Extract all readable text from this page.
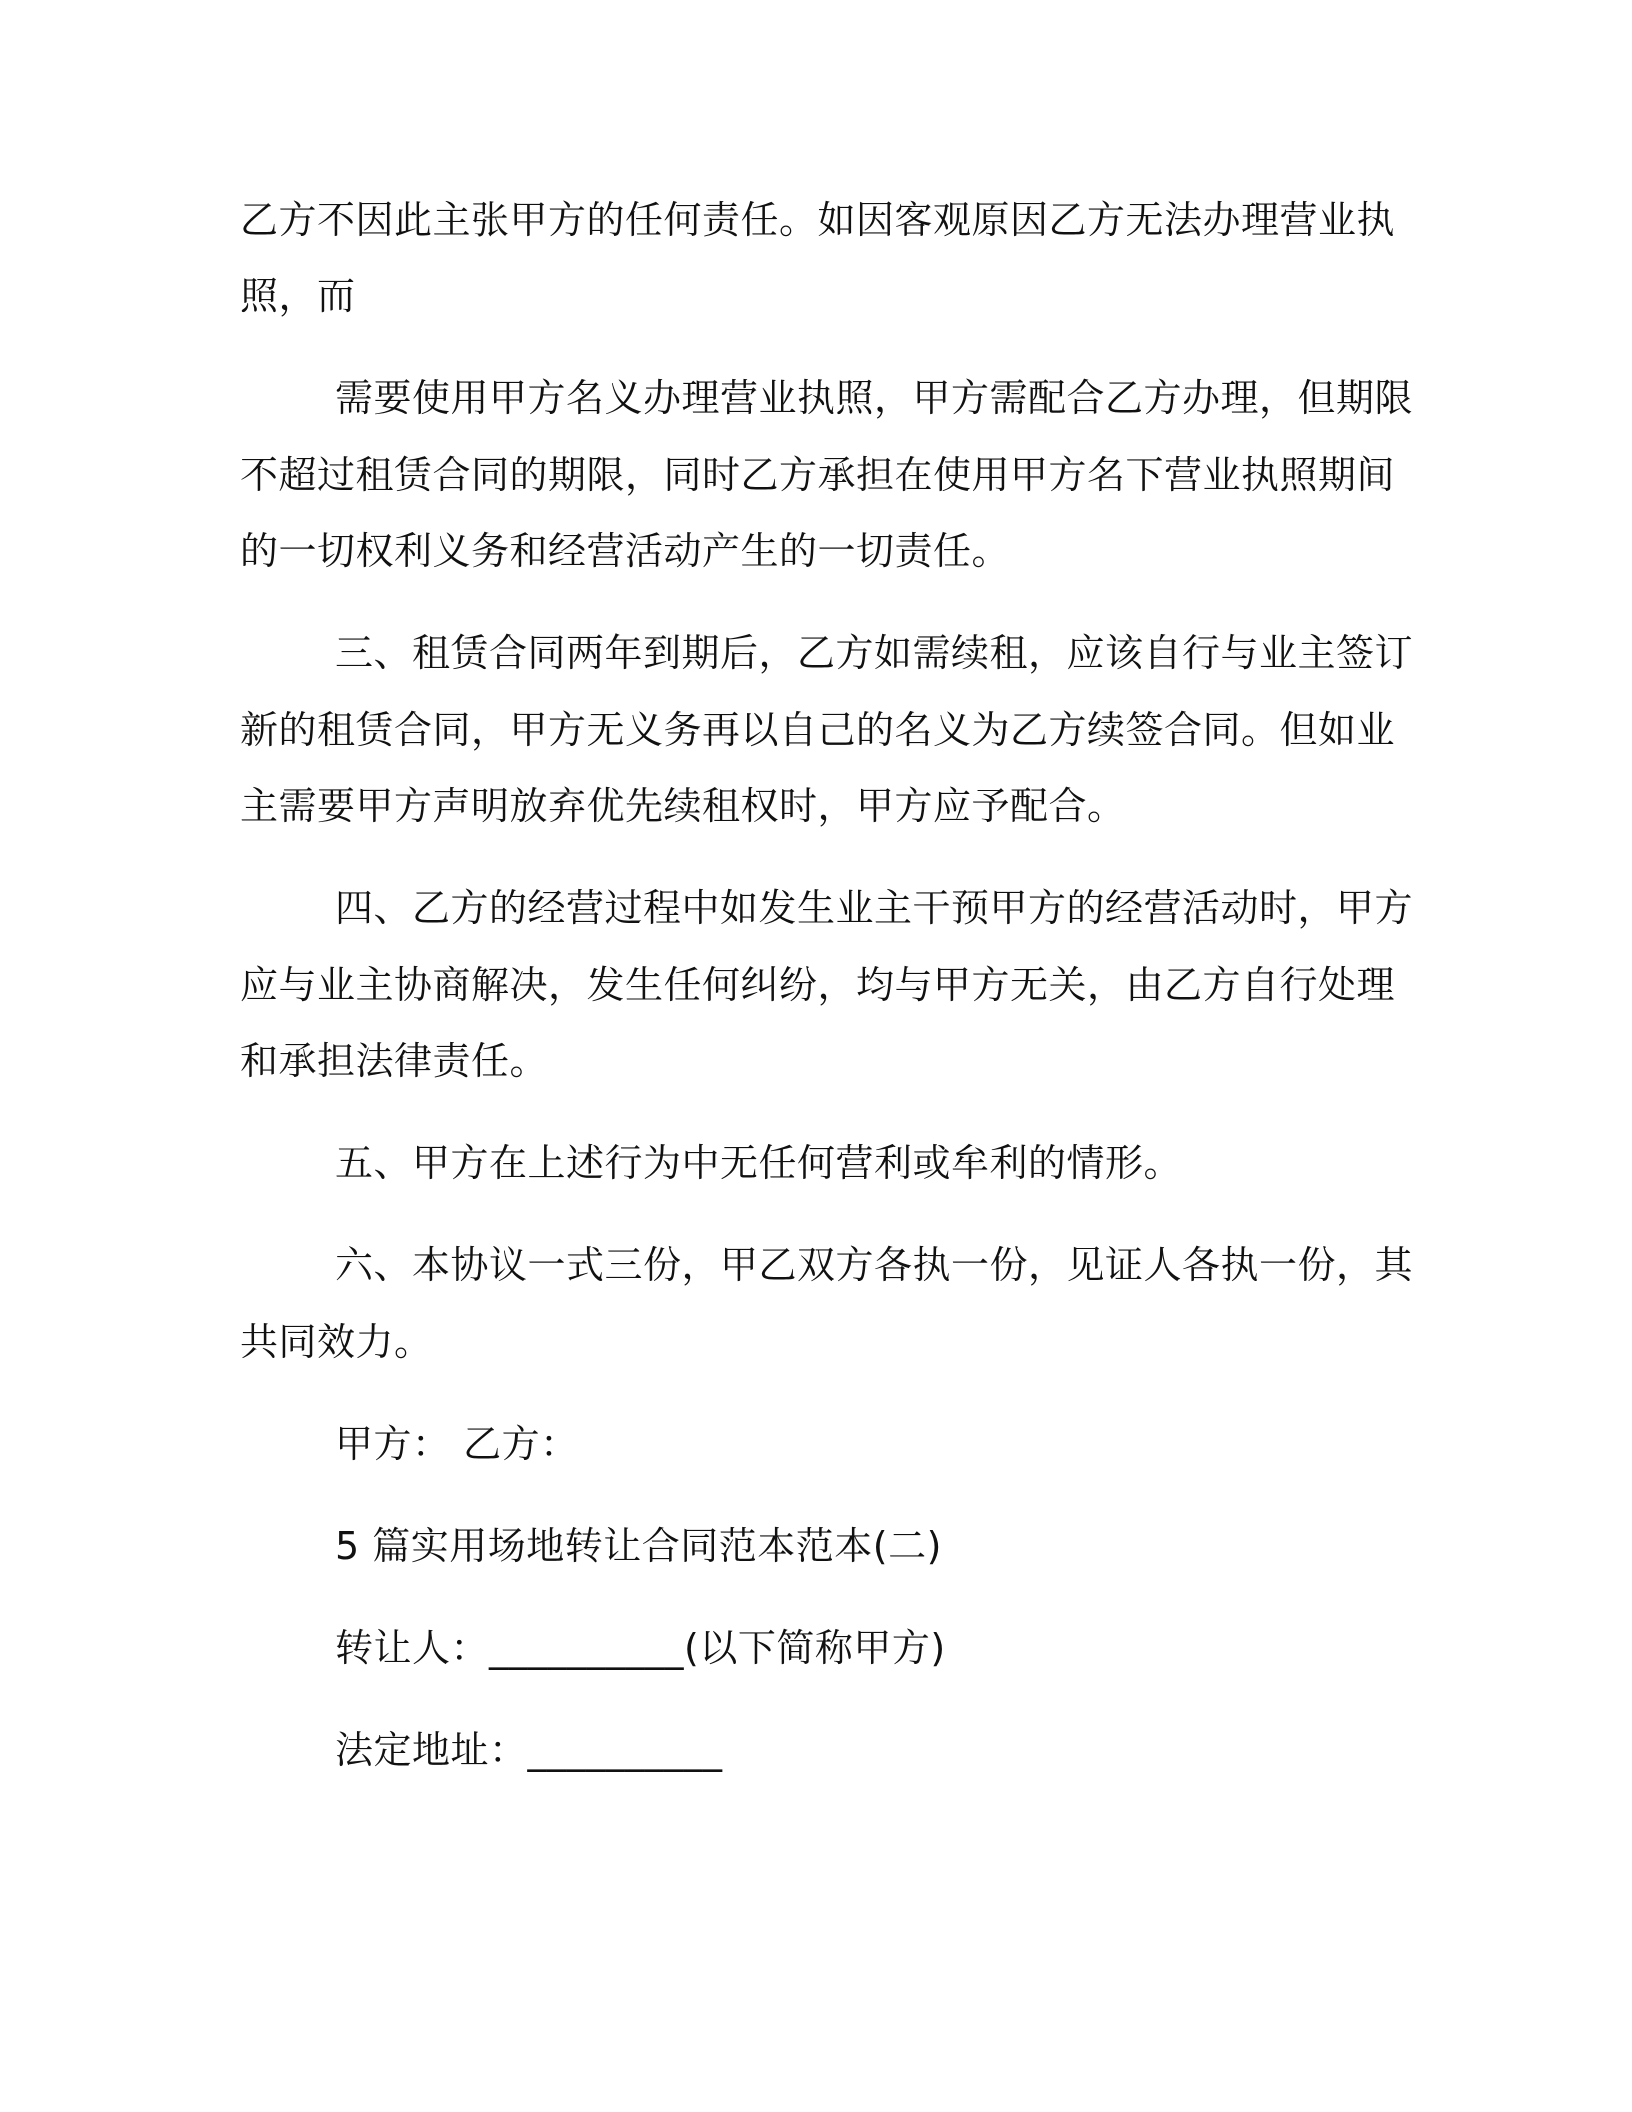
乙方不因此主张甲方的任何责任。如因客观原因乙方无法办理营业执
照，而
需要使用甲方名义办理营业执照，甲方需配合乙方办理，但期限
不超过租赁合同的期限，同时乙方承担在使用甲方名下营业执照期间
的一切权利义务和经营活动产生的一切责任。
三、租赁合同两年到期后，乙方如需续租，应该自行与业主签订
新的租赁合同，甲方无义务再以自己的名义为乙方续签合同。但如业
主需要甲方声明放弃优先续租权时，甲方应予配合。
四、乙方的经营过程中如发生业主干预甲方的经营活动时，甲方
应与业主协商解决，发生任何纠纷，均与甲方无关，由乙方自行处理
和承担法律责任。
五、甲方在上述行为中无任何营利或牟利的情形。
六、本协议一式三份，甲乙双方各执一份，见证人各执一份，其
共同效力。
甲方： 乙方：
5 篇实用场地转让合同范本范本(二)
转让人：__________(以下简称甲方)
法定地址：__________
